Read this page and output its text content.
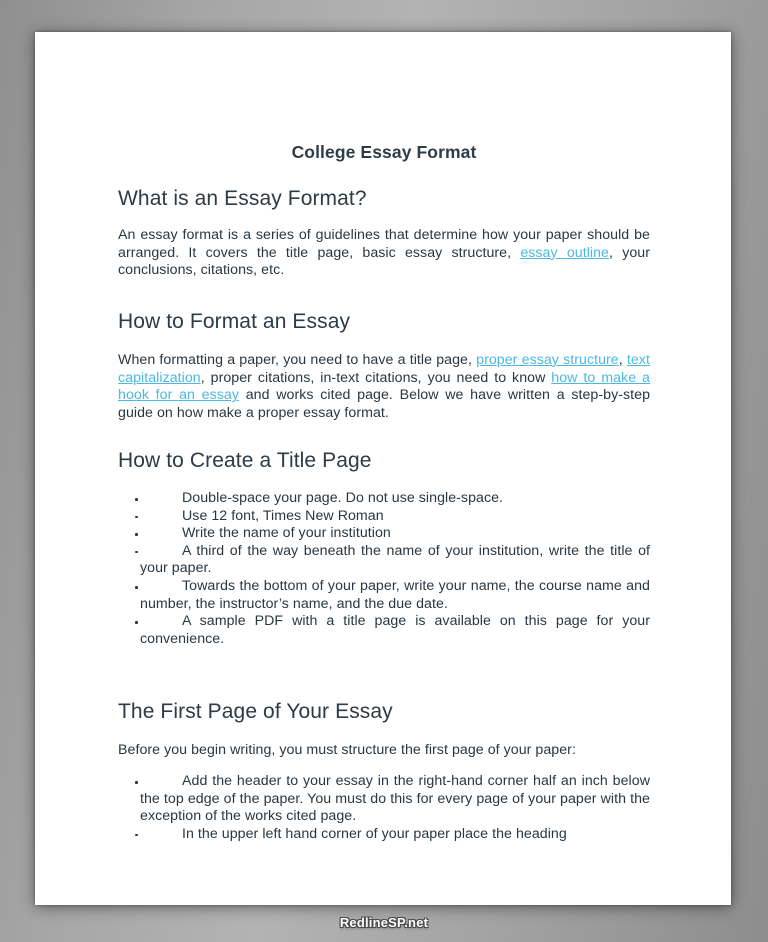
College Essay Format
What is an Essay Format?

An essay format is a series of guidelines that determine how your paper should be arranged. It covers the title page, basic essay structure, essay outline, your conclusions, citations, etc.

How to Format an Essay

When formatting a paper, you need to have a title page, proper essay structure, text capitalization, proper citations, in-text citations, you need to know how to make a hook for an essay and works cited page. Below we have written a step-by-step guide on how make a proper essay format.

How to Create a Title Page
Double-space your page. Do not use single-space.
Use 12 font, Times New Roman
Write the name of your institution
A third of the way beneath the name of your institution, write the title of your paper.
Towards the bottom of your paper, write your name, the course name and number, the instructor’s name, and the due date.
A sample PDF with a title page is available on this page for your convenience.
The First Page of Your Essay

Before you begin writing, you must structure the first page of your paper:

Add the header to your essay in the right-hand corner half an inch below the top edge of the paper. You must do this for every page of your paper with the exception of the works cited page.
In the upper left hand corner of your paper place the heading
RedlineSP.net
